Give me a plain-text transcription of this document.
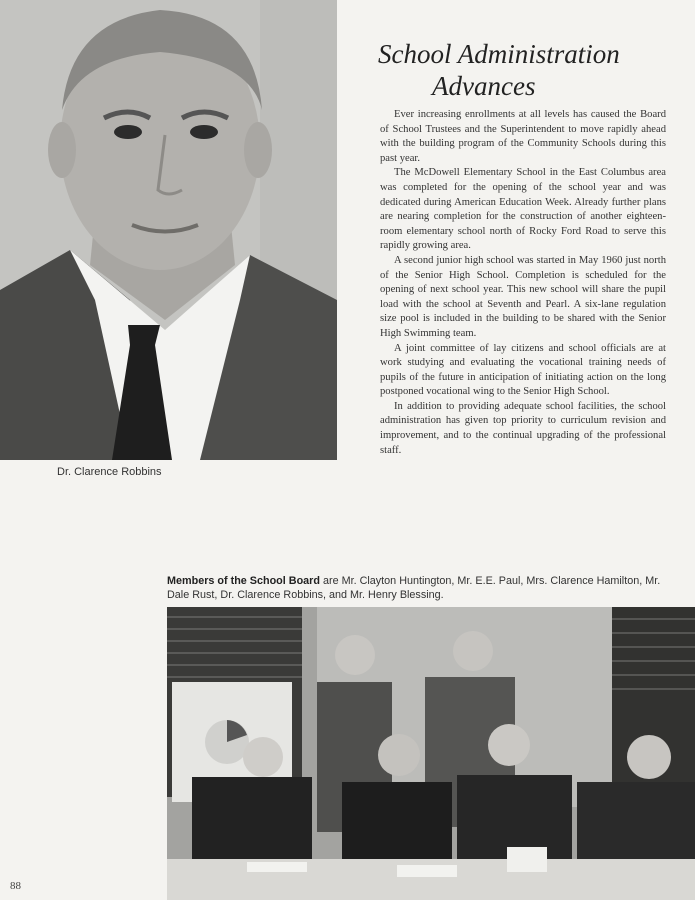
Dr. Clarence Robbins
School Administration
Advances

Ever increasing enrollments at all levels has caused the Board of School Trustees and the Superintendent to move rapidly ahead with the building program of the Community Schools during this past year.

The McDowell Elementary School in the East Columbus area was completed for the opening of the school year and was dedicated during American Education Week. Already further plans are nearing completion for the construction of another eighteen-room elementary school north of Rocky Ford Road to serve this rapidly growing area.

A second junior high school was started in May 1960 just north of the Senior High School. Completion is scheduled for the opening of next school year. This new school will share the pupil load with the school at Seventh and Pearl. A six-lane regulation size pool is included in the building to be shared with the Senior High Swimming team.

A joint committee of lay citizens and school officials are at work studying and evaluating the vocational training needs of pupils of the future in anticipation of initiating action on the long postponed vocational wing to the Senior High School.

In addition to providing adequate school facilities, the school administration has given top priority to curriculum revision and improvement, and to the continual upgrading of the professional staff.

Members of the School Board are Mr. Clayton Huntington, Mr. E.E. Paul, Mrs. Clarence Hamilton, Mr. Dale Rust, Dr. Clarence Robbins, and Mr. Henry Blessing.
88
